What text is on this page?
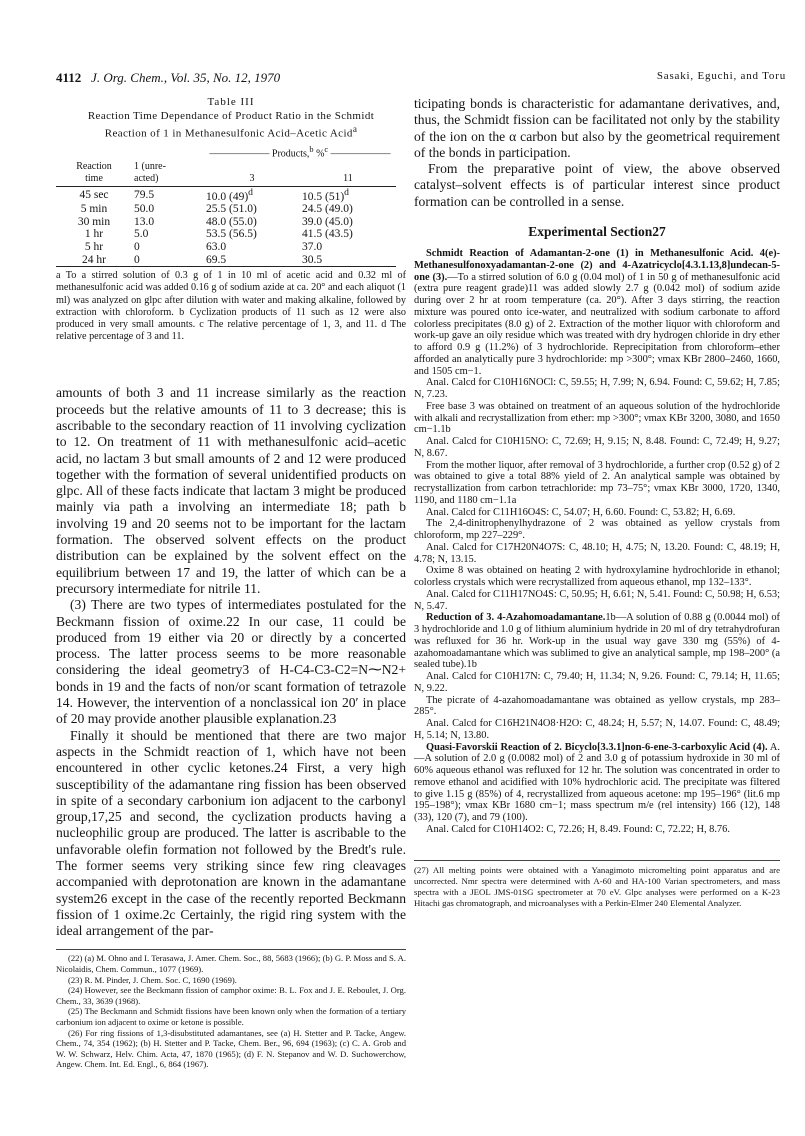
4112 J. Org. Chem., Vol. 35, No. 12, 1970	Sasaki, Eguchi, and Toru

Table III

Reaction Time Dependance of Product Ratio in the Schmidt
Reaction of 1 in Methanesulfonic Acid–Acetic Acid$^a$

		—————— Products,$^b$ %$^c$ ——————	
Reaction
time	1 (unre-
acted)	3	11
45 sec	79.5	10.0 $(49)^d$	10.5 $(51)^d$
5 min	50.0	25.5 (51.0)	24.5 (49.0)
30 min	13.0	48.0 (55.0)	39.0 (45.0)
1 hr	5.0	53.5 (56.5)	41.5 (43.5)
5 hr	0	63.0	37.0
24 hr	0	69.5	30.5

a To a stirred solution of 0.3 g of 1 in 10 ml of acetic acid and 0.32 ml of methanesulfonic acid was added 0.16 g of sodium azide at ca. 20° and each aliquot (1 ml) was analyzed on glpc after dilution with water and making alkaline, followed by extraction with chloroform. b Cyclization products of 11 such as 12 were also produced in very small amounts. c The relative percentage of 1, 3, and 11. d The relative percentage of 3 and 11.

amounts of both 3 and 11 increase similarly as the reaction proceeds but the relative amounts of 11 to 3 decrease; this is ascribable to the secondary reaction of 11 involving cyclization to 12. On treatment of 11 with methanesulfonic acid–acetic acid, no lactam 3 but small amounts of 2 and 12 were produced together with the formation of several unidentified products on glpc. All of these facts indicate that lactam 3 might be produced mainly via path a involving an intermediate 18; path b involving 19 and 20 seems not to be important for the lactam formation. The observed solvent effects on the product distribution can be explained by the solvent effect on the equilibrium between 17 and 19, the latter of which can be a precursory intermediate for nitrile 11.

(3) There are two types of intermediates postulated for the Beckmann fission of oxime.22 In our case, 11 could be produced from 19 either via 20 or directly by a concerted process. The latter process seems to be more reasonable considering the ideal geometry3 of H-C4-C3-C2=N⁓N2+ bonds in 19 and the facts of non/or scant formation of tetrazole 14. However, the intervention of a nonclassical ion 20′ in place of 20 may provide another plausible explanation.23

Finally it should be mentioned that there are two major aspects in the Schmidt reaction of 1, which have not been encountered in other cyclic ketones.24 First, a very high susceptibility of the adamantane ring fission has been observed in spite of a secondary carbonium ion adjacent to the carbonyl group,17,25 and second, the cyclization products having a nucleophilic group are produced. The latter is ascribable to the unfavorable olefin formation not followed by the Bredt's rule. The former seems very striking since few ring cleavages accompanied with deprotonation are known in the adamantane system26 except in the case of the recently reported Beckmann fission of 1 oxime.2c Certainly, the rigid ring system with the ideal arrangement of the par-

(22) (a) M. Ohno and I. Terasawa, J. Amer. Chem. Soc., 88, 5683 (1966); (b) G. P. Moss and S. A. Nicolaidis, Chem. Commun., 1077 (1969).

(23) R. M. Pinder, J. Chem. Soc. C, 1690 (1969).

(24) However, see the Beckmann fission of camphor oxime: B. L. Fox and J. E. Reboulet, J. Org. Chem., 33, 3639 (1968).

(25) The Beckmann and Schmidt fissions have been known only when the formation of a tertiary carbonium ion adjacent to oxime or ketone is possible.

(26) For ring fissions of 1,3-disubstituted adamantanes, see (a) H. Stetter and P. Tacke, Angew. Chem., 74, 354 (1962); (b) H. Stetter and P. Tacke, Chem. Ber., 96, 694 (1963); (c) C. A. Grob and W. W. Schwarz, Helv. Chim. Acta, 47, 1870 (1965); (d) F. N. Stepanov and W. D. Suchowerchow, Angew. Chem. Int. Ed. Engl., 6, 864 (1967).

ticipating bonds is characteristic for adamantane derivatives, and, thus, the Schmidt fission can be facilitated not only by the stability of the ion on the α carbon but also by the geometrical requirement of the bonds in participation.

From the preparative point of view, the above observed catalyst–solvent effects is of particular interest since product formation can be controlled in a sense.

Experimental Section27

Schmidt Reaction of Adamantan-2-one (1) in Methanesulfonic Acid. 4(e)-Methanesulfonoxyadamantan-2-one (2) and 4-Azatricyclo[4.3.1.13,8]undecan-5-one (3).—To a stirred solution of 6.0 g (0.04 mol) of 1 in 50 g of methanesulfonic acid (extra pure reagent grade)11 was added slowly 2.7 g (0.042 mol) of sodium azide during over 2 hr at room temperature (ca. 20°). After 3 days stirring, the reaction mixture was poured onto ice-water, and neutralized with sodium carbonate to afford colorless precipitates (8.0 g) of 2. Extraction of the mother liquor with chloroform and work-up gave an oily residue which was treated with dry hydrogen chloride in dry ether to afford 0.9 g (11.2%) of 3 hydrochloride. Reprecipitation from chloroform–ether afforded an analytically pure 3 hydrochloride: mp >300°; νmax KBr 2800–2460, 1660, and 1505 cm−1.

Anal. Calcd for C10H16NOCl: C, 59.55; H, 7.99; N, 6.94. Found: C, 59.62; H, 7.85; N, 7.23.

Free base 3 was obtained on treatment of an aqueous solution of the hydrochloride with alkali and recrystallization from ether: mp >300°; νmax KBr 3200, 3080, and 1650 cm−1.1b

Anal. Calcd for C10H15NO: C, 72.69; H, 9.15; N, 8.48. Found: C, 72.49; H, 9.27; N, 8.67.

From the mother liquor, after removal of 3 hydrochloride, a further crop (0.52 g) of 2 was obtained to give a total 88% yield of 2. An analytical sample was obtained by recrystallization from carbon tetrachloride: mp 73–75°; νmax KBr 3000, 1720, 1340, 1190, and 1180 cm−1.1a

Anal. Calcd for C11H16O4S: C, 54.07; H, 6.60. Found: C, 53.82; H, 6.69.

The 2,4-dinitrophenylhydrazone of 2 was obtained as yellow crystals from chloroform, mp 227–229°.

Anal. Calcd for C17H20N4O7S: C, 48.10; H, 4.75; N, 13.20. Found: C, 48.19; H, 4.78; N, 13.15.

Oxime 8 was obtained on heating 2 with hydroxylamine hydrochloride in ethanol; colorless crystals which were recrystallized from aqueous ethanol, mp 132–133°.

Anal. Calcd for C11H17NO4S: C, 50.95; H, 6.61; N, 5.41. Found: C, 50.98; H, 6.53; N, 5.47.

Reduction of 3. 4-Azahomoadamantane.1b—A solution of 0.88 g (0.0044 mol) of 3 hydrochloride and 1.0 g of lithium aluminium hydride in 20 ml of dry tetrahydrofuran was refluxed for 36 hr. Work-up in the usual way gave 330 mg (55%) of 4-azahomoadamantane which was sublimed to give an analytical sample, mp 198–200° (a sealed tube).1b

Anal. Calcd for C10H17N: C, 79.40; H, 11.34; N, 9.26. Found: C, 79.14; H, 11.65; N, 9.22.

The picrate of 4-azahomoadamantane was obtained as yellow crystals, mp 283–285°.

Anal. Calcd for C16H21N4O8·H2O: C, 48.24; H, 5.57; N, 14.07. Found: C, 48.49; H, 5.14; N, 13.80.

Quasi-Favorskii Reaction of 2. Bicyclo[3.3.1]non-6-ene-3-carboxylic Acid (4). A.—A solution of 2.0 g (0.0082 mol) of 2 and 3.0 g of potassium hydroxide in 30 ml of 60% aqueous ethanol was refluxed for 12 hr. The solution was concentrated in order to remove ethanol and acidified with 10% hydrochloric acid. The precipitate was filtered to give 1.15 g (85%) of 4, recrystallized from aqueous acetone: mp 195–196° (lit.6 mp 195–198°); νmax KBr 1680 cm−1; mass spectrum m/e (rel intensity) 166 (12), 148 (33), 120 (7), and 79 (100).

Anal. Calcd for C10H14O2: C, 72.26; H, 8.49. Found: C, 72.22; H, 8.76.

(27) All melting points were obtained with a Yanagimoto micromelting point apparatus and are uncorrected. Nmr spectra were determined with A-60 and HA-100 Varian spectrometers, and mass spectra with a JEOL JMS-01SG spectrometer at 70 eV. Glpc analyses were performed on a K-23 Hitachi gas chromatograph, and microanalyses with a Perkin-Elmer 240 Elemental Analyzer.
